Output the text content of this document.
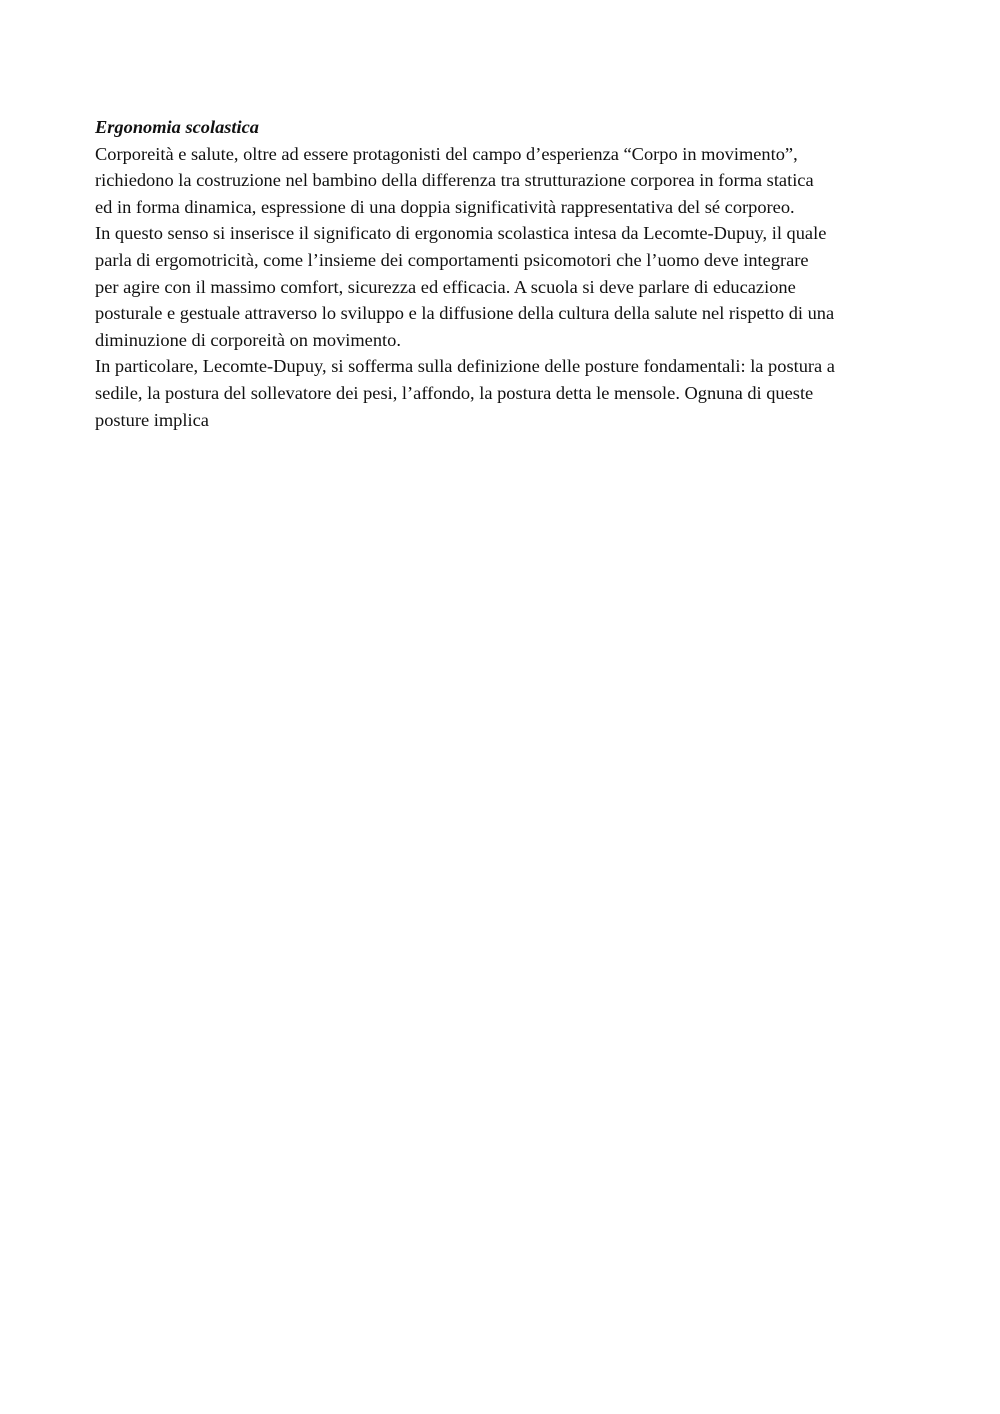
Ergonomia scolastica

Corporeità e salute, oltre ad essere protagonisti del campo d’esperienza “Corpo in movimento”,

richiedono la costruzione nel bambino della differenza tra strutturazione corporea in forma statica

ed in forma dinamica, espressione di una doppia significatività rappresentativa del sé corporeo.

In questo senso si inserisce il significato di ergonomia scolastica intesa da Lecomte-Dupuy, il quale

parla di ergomotricità, come l’insieme dei comportamenti psicomotori che l’uomo deve integrare

per agire con il massimo comfort, sicurezza ed efficacia. A scuola si deve parlare di educazione

posturale e gestuale attraverso lo sviluppo e la diffusione della cultura della salute nel rispetto di una

diminuzione di corporeità on movimento.

In particolare, Lecomte-Dupuy, si sofferma sulla definizione delle posture fondamentali: la postura a

sedile, la postura del sollevatore dei pesi, l’affondo, la postura detta le mensole. Ognuna di queste

posture implica
